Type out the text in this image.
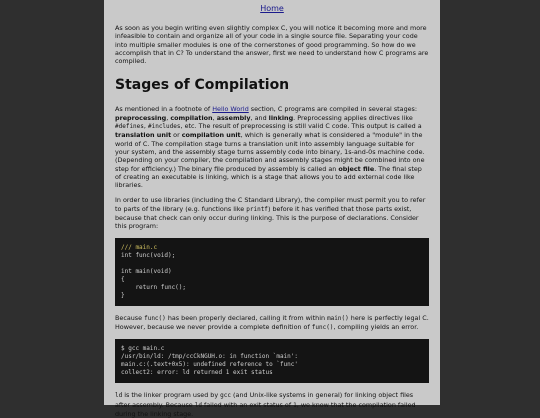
Home

As soon as you begin writing even slightly complex C, you will notice it becoming more and more infeasible to contain and organize all of your code in a single source file. Separating your code into multiple smaller modules is one of the cornerstones of good programming. So how do we accomplish that in C? To understand the answer, first we need to understand how C programs are compiled.

Stages of Compilation

As mentioned in a footnote of Hello World section, C programs are compiled in several stages: preprocessing, compilation, assembly, and linking. Preprocessing applies directives like #defines, #includes, etc. The result of preprocessing is still valid C code. This output is called a translation unit or compilation unit, which is generally what is considered a "module" in the world of C. The compilation stage turns a translation unit into assembly language suitable for your system, and the assembly stage turns assembly code into binary, 1s-and-0s machine code. (Depending on your compiler, the compilation and assembly stages might be combined into one step for efficiency.) The binary file produced by assembly is called an object file. The final step of creating an executable is linking, which is a stage that allows you to add external code like libraries.

In order to use libraries (including the C Standard Library), the compiler must permit you to refer to parts of the library (e.g. functions like printf) before it has verified that those parts exist, because that check can only occur during linking. This is the purpose of declarations. Consider this program:

/// main.c
int func(void);

int main(void)
{
return func();
}

Because func() has been properly declared, calling it from within main() here is perfectly legal C. However, because we never provide a complete definition of func(), compiling yields an error.

$ gcc main.c
/usr/bin/ld: /tmp/ccCkNGUH.o: in function `main':
main.c:(.text+0x5): undefined reference to `func'
collect2: error: ld returned 1 exit status

ld is the linker program used by gcc (and Unix-like systems in general) for linking object files after assembly. Because ld failed with an exit status of 1, we know that the compilation failed during the linking stage.
